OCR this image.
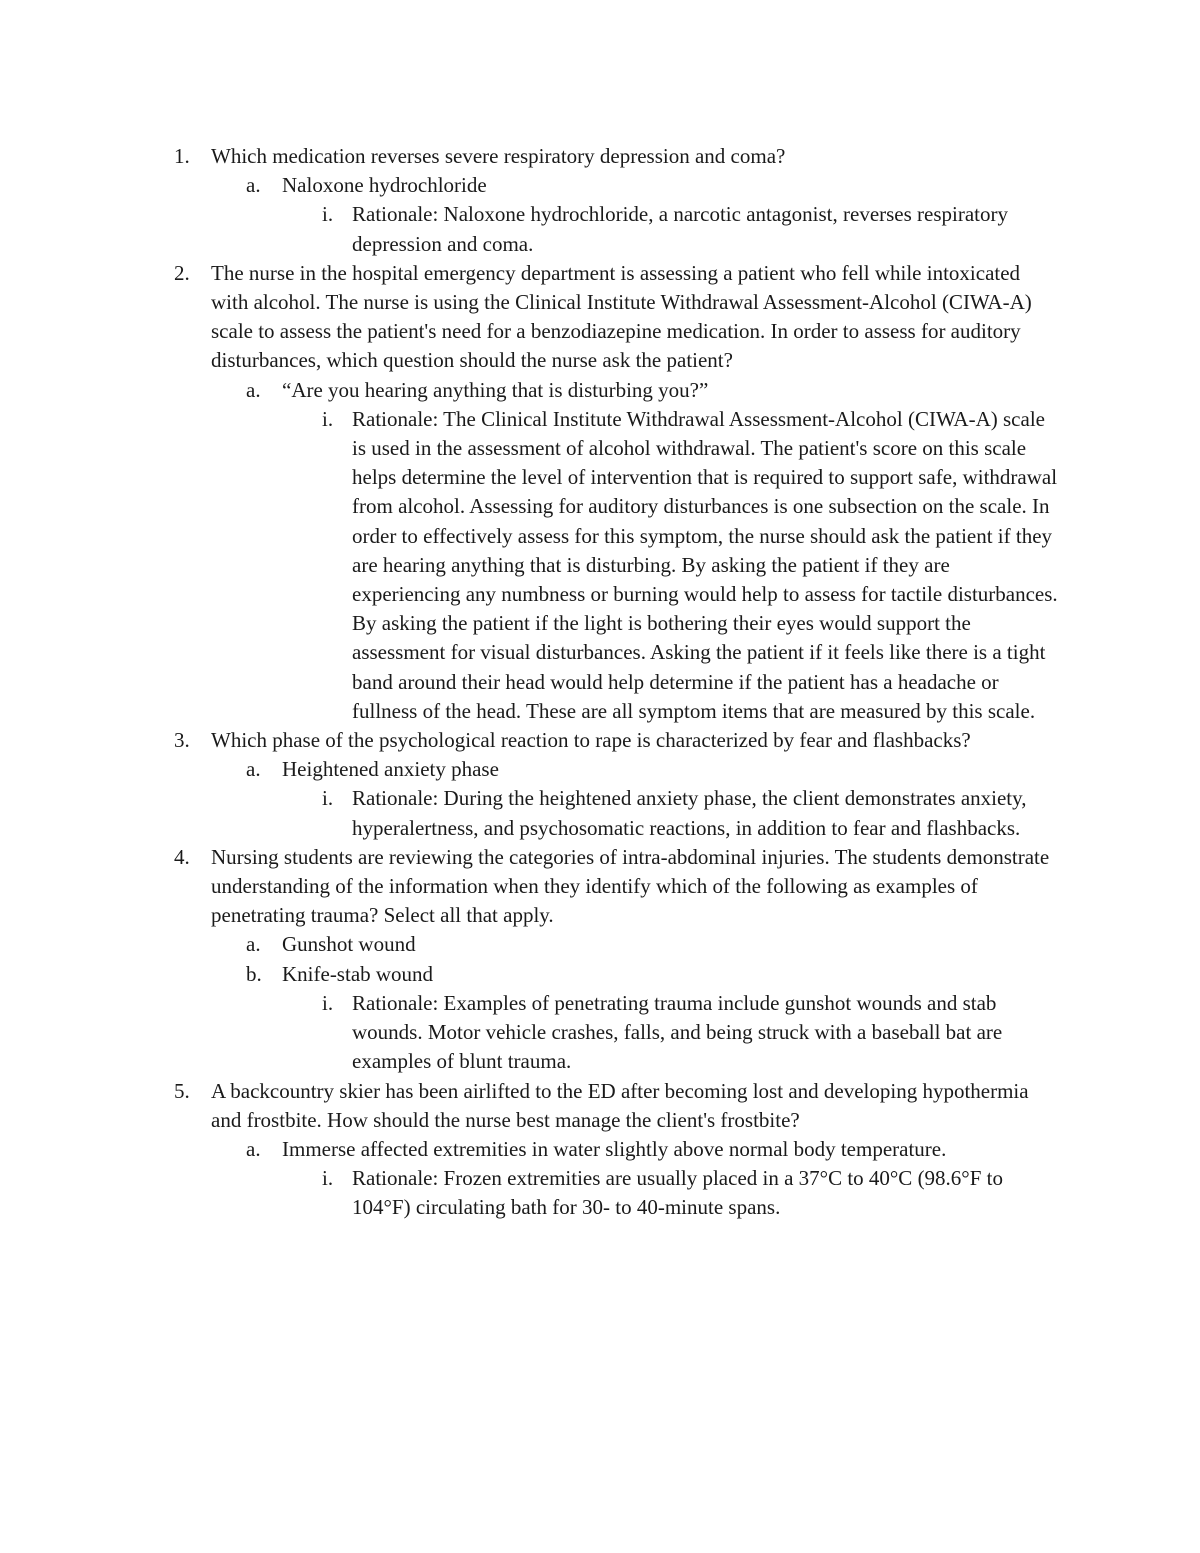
1. Which medication reverses severe respiratory depression and coma?
a. Naloxone hydrochloride
i. Rationale: Naloxone hydrochloride, a narcotic antagonist, reverses respiratory depression and coma.
2. The nurse in the hospital emergency department is assessing a patient who fell while intoxicated with alcohol. The nurse is using the Clinical Institute Withdrawal Assessment-Alcohol (CIWA-A) scale to assess the patient's need for a benzodiazepine medication. In order to assess for auditory disturbances, which question should the nurse ask the patient?
a. “Are you hearing anything that is disturbing you?”
i. Rationale: The Clinical Institute Withdrawal Assessment-Alcohol (CIWA-A) scale is used in the assessment of alcohol withdrawal. The patient's score on this scale helps determine the level of intervention that is required to support safe, withdrawal from alcohol. Assessing for auditory disturbances is one subsection on the scale. In order to effectively assess for this symptom, the nurse should ask the patient if they are hearing anything that is disturbing. By asking the patient if they are experiencing any numbness or burning would help to assess for tactile disturbances. By asking the patient if the light is bothering their eyes would support the assessment for visual disturbances. Asking the patient if it feels like there is a tight band around their head would help determine if the patient has a headache or fullness of the head. These are all symptom items that are measured by this scale.
3. Which phase of the psychological reaction to rape is characterized by fear and flashbacks?
a. Heightened anxiety phase
i. Rationale: During the heightened anxiety phase, the client demonstrates anxiety, hyperalertness, and psychosomatic reactions, in addition to fear and flashbacks.
4. Nursing students are reviewing the categories of intra-abdominal injuries. The students demonstrate understanding of the information when they identify which of the following as examples of penetrating trauma? Select all that apply.
a. Gunshot wound
b. Knife-stab wound
i. Rationale: Examples of penetrating trauma include gunshot wounds and stab wounds. Motor vehicle crashes, falls, and being struck with a baseball bat are examples of blunt trauma.
5. A backcountry skier has been airlifted to the ED after becoming lost and developing hypothermia and frostbite. How should the nurse best manage the client's frostbite?
a. Immerse affected extremities in water slightly above normal body temperature.
i. Rationale: Frozen extremities are usually placed in a 37°C to 40°C (98.6°F to 104°F) circulating bath for 30- to 40-minute spans.
